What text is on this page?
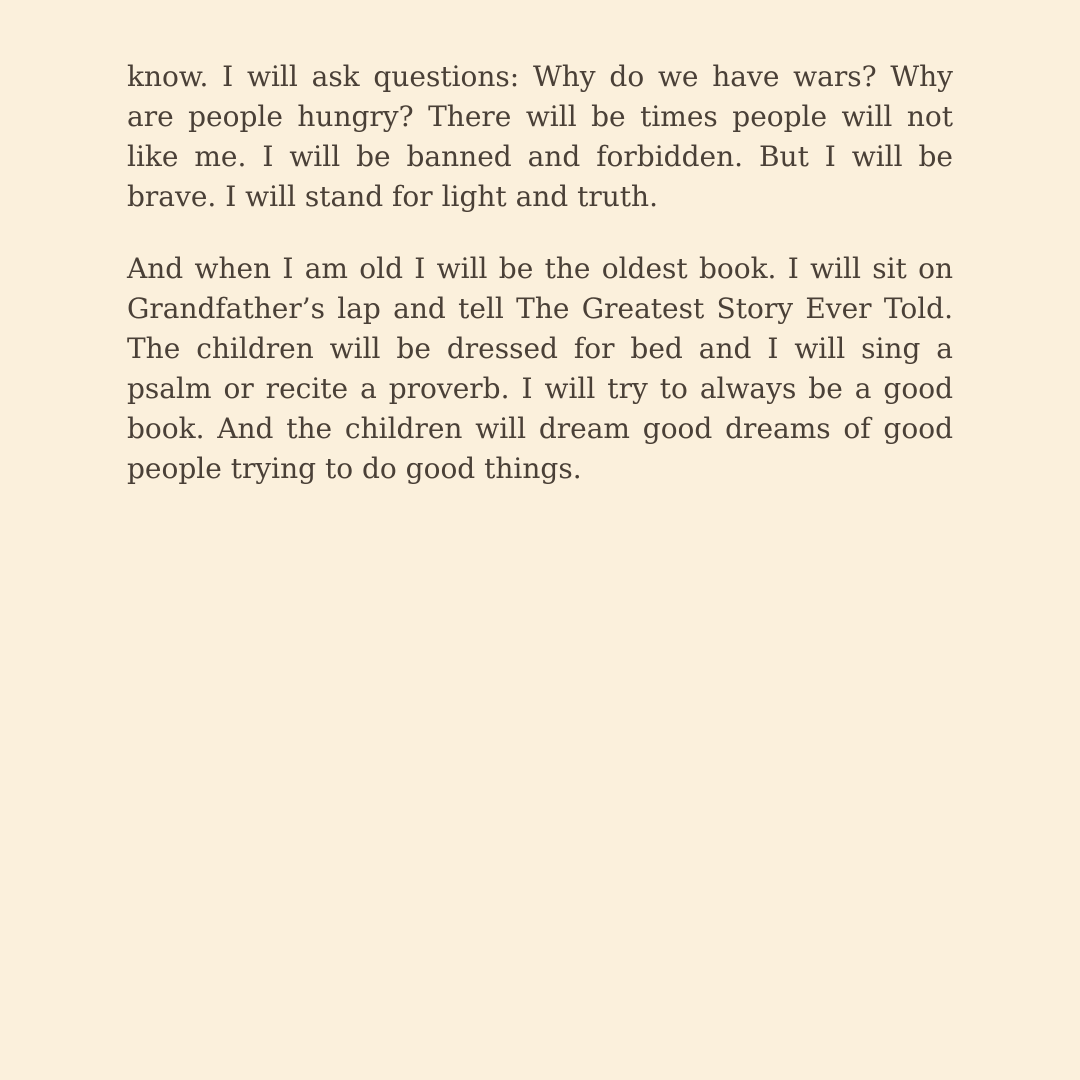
know. I will ask questions: Why do we have wars? Why are people hungry? There will be times people will not like me. I will be banned and forbidden. But I will be brave. I will stand for light and truth.

And when I am old I will be the oldest book. I will sit on Grandfather’s lap and tell The Greatest Story Ever Told. The children will be dressed for bed and I will sing a psalm or recite a proverb. I will try to always be a good book. And the children will dream good dreams of good people trying to do good things.
